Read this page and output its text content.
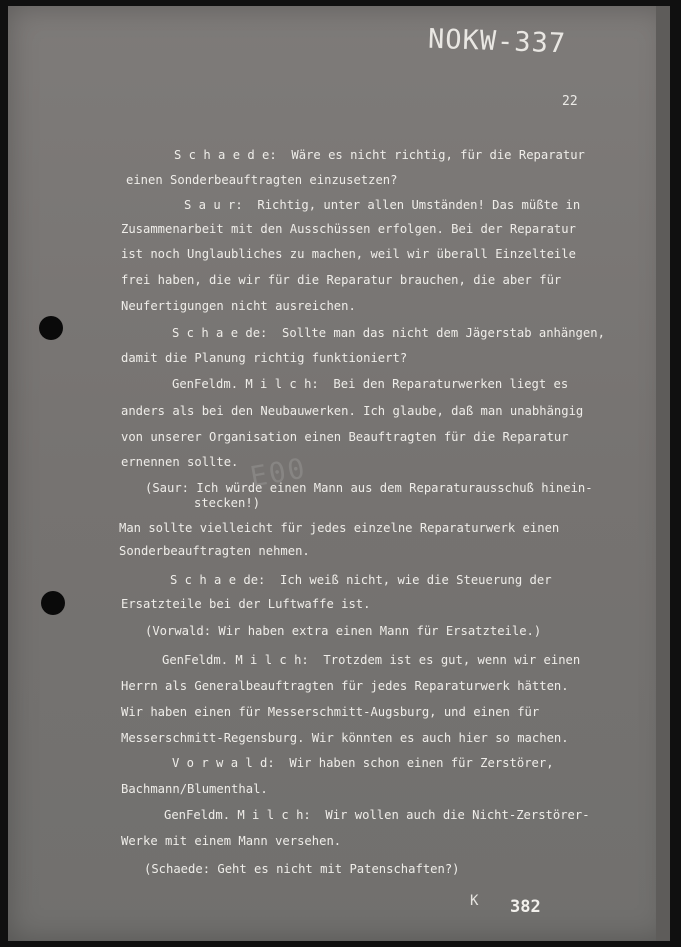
NOKW-337
22
E00
S c h a e d e:  Wäre es nicht richtig, für die Reparatur
einen Sonderbeauftragten einzusetzen?
S a u r:  Richtig, unter allen Umständen! Das müßte in
Zusammenarbeit mit den Ausschüssen erfolgen. Bei der Reparatur
ist noch Unglaubliches zu machen, weil wir überall Einzelteile
frei haben, die wir für die Reparatur brauchen, die aber für
Neufertigungen nicht ausreichen.
S c h a e de:  Sollte man das nicht dem Jägerstab anhängen,
damit die Planung richtig funktioniert?
GenFeldm. M i l c h:  Bei den Reparaturwerken liegt es
anders als bei den Neubauwerken. Ich glaube, daß man unabhängig
von unserer Organisation einen Beauftragten für die Reparatur
ernennen sollte.
(Saur: Ich würde einen Mann aus dem Reparaturausschuß hinein-
stecken!)
Man sollte vielleicht für jedes einzelne Reparaturwerk einen
Sonderbeauftragten nehmen.
S c h a e de:  Ich weiß nicht, wie die Steuerung der
Ersatzteile bei der Luftwaffe ist.
(Vorwald: Wir haben extra einen Mann für Ersatzteile.)
GenFeldm. M i l c h:  Trotzdem ist es gut, wenn wir einen
Herrn als Generalbeauftragten für jedes Reparaturwerk hätten.
Wir haben einen für Messerschmitt-Augsburg, und einen für
Messerschmitt-Regensburg. Wir könnten es auch hier so machen.
V o r w a l d:  Wir haben schon einen für Zerstörer,
Bachmann/Blumenthal.
GenFeldm. M i l c h:  Wir wollen auch die Nicht-Zerstörer-
Werke mit einem Mann versehen.
(Schaede: Geht es nicht mit Patenschaften?)
K 382
